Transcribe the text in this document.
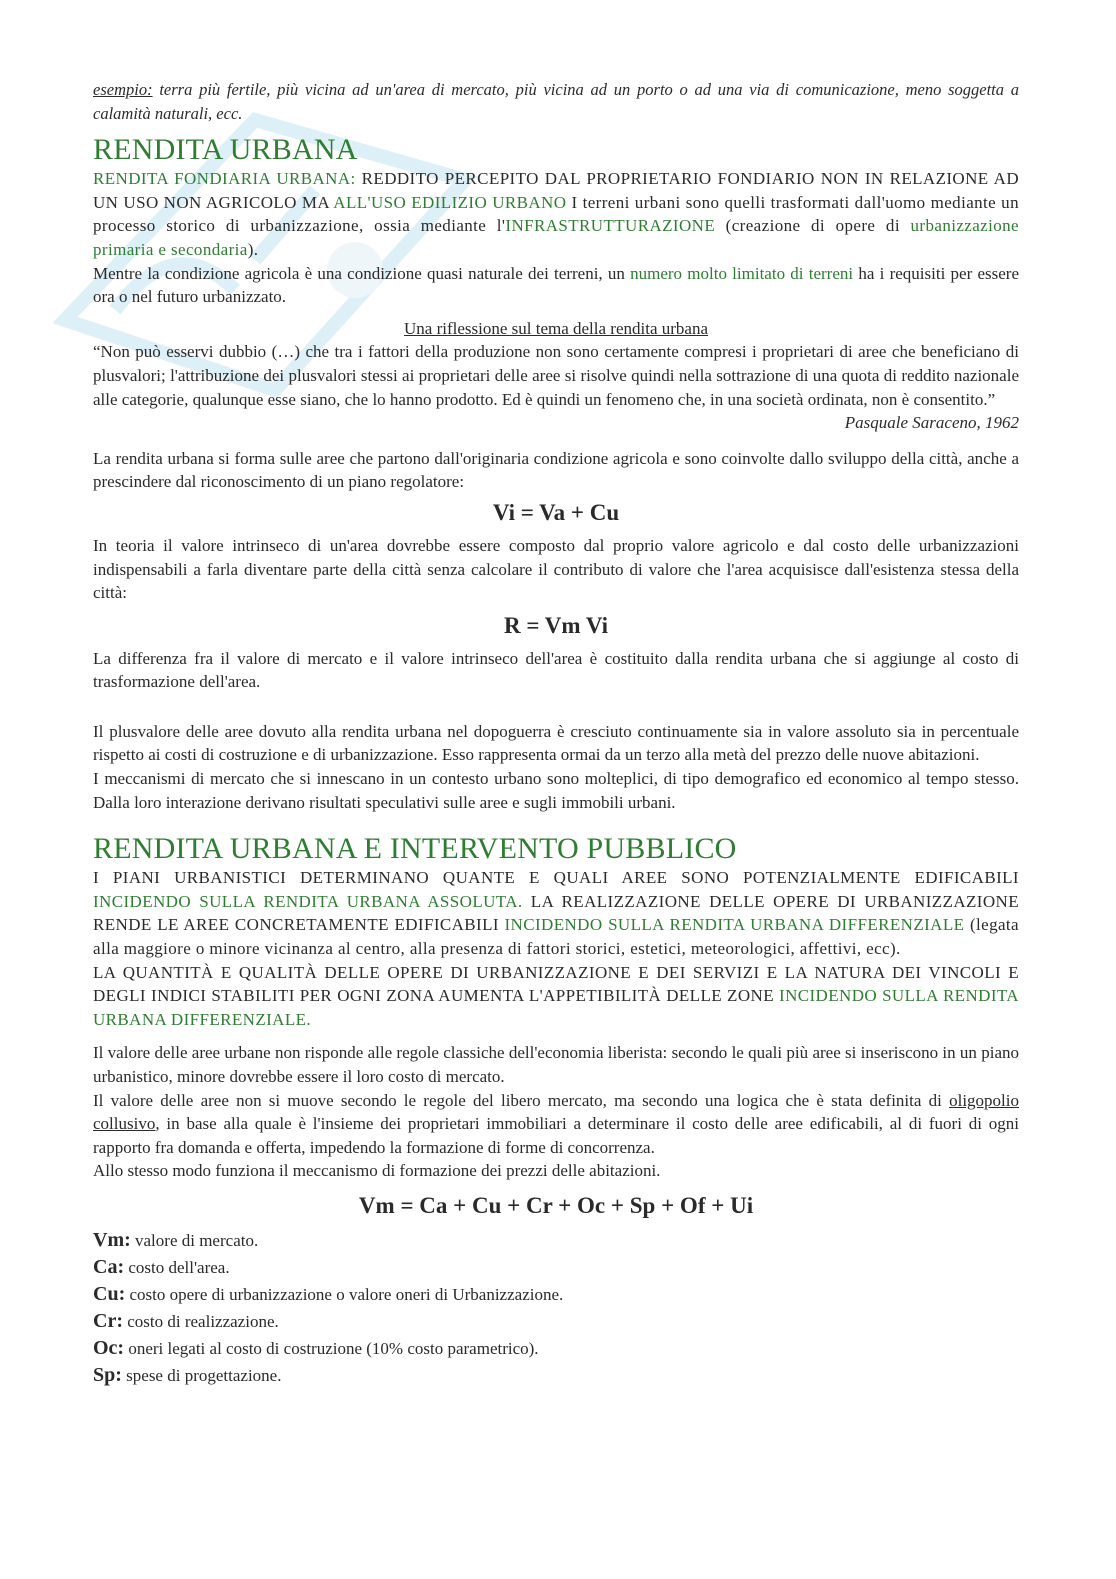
esempio: terra più fertile, più vicina ad un'area di mercato, più vicina ad un porto o ad una via di comunicazione, meno soggetta a calamità naturali, ecc.

RENDITA URBANA

RENDITA FONDIARIA URBANA: REDDITO PERCEPITO DAL PROPRIETARIO FONDIARIO NON IN RELAZIONE AD UN USO NON AGRICOLO MA ALL'USO EDILIZIO URBANO I terreni urbani sono quelli trasformati dall'uomo mediante un processo storico di urbanizzazione, ossia mediante l'INFRASTRUTTURAZIONE (creazione di opere di urbanizzazione primaria e secondaria).

Mentre la condizione agricola è una condizione quasi naturale dei terreni, un numero molto limitato di terreni ha i requisiti per essere ora o nel futuro urbanizzato.

Una riflessione sul tema della rendita urbana

“Non può esservi dubbio (…) che tra i fattori della produzione non sono certamente compresi i proprietari di aree che beneficiano di plusvalori; l'attribuzione dei plusvalori stessi ai proprietari delle aree si risolve quindi nella sottrazione di una quota di reddito nazionale alle categorie, qualunque esse siano, che lo hanno prodotto. Ed è quindi un fenomeno che, in una società ordinata, non è consentito.”

Pasquale Saraceno, 1962

La rendita urbana si forma sulle aree che partono dall'originaria condizione agricola e sono coinvolte dallo sviluppo della città, anche a prescindere dal riconoscimento di un piano regolatore:

Vi = Va + Cu

In teoria il valore intrinseco di un'area dovrebbe essere composto dal proprio valore agricolo e dal costo delle urbanizzazioni indispensabili a farla diventare parte della città senza calcolare il contributo di valore che l'area acquisisce dall'esistenza stessa della città:

R = Vm Vi

La differenza fra il valore di mercato e il valore intrinseco dell'area è costituito dalla rendita urbana che si aggiunge al costo di trasformazione dell'area.

Il plusvalore delle aree dovuto alla rendita urbana nel dopoguerra è cresciuto continuamente sia in valore assoluto sia in percentuale rispetto ai costi di costruzione e di urbanizzazione. Esso rappresenta ormai da un terzo alla metà del prezzo delle nuove abitazioni.

I meccanismi di mercato che si innescano in un contesto urbano sono molteplici, di tipo demografico ed economico al tempo stesso. Dalla loro interazione derivano risultati speculativi sulle aree e sugli immobili urbani.

RENDITA URBANA E INTERVENTO PUBBLICO

I PIANI URBANISTICI DETERMINANO QUANTE E QUALI AREE SONO POTENZIALMENTE EDIFICABILI INCIDENDO SULLA RENDITA URBANA ASSOLUTA. LA REALIZZAZIONE DELLE OPERE DI URBANIZZAZIONE RENDE LE AREE CONCRETAMENTE EDIFICABILI INCIDENDO SULLA RENDITA URBANA DIFFERENZIALE (legata alla maggiore o minore vicinanza al centro, alla presenza di fattori storici, estetici, meteorologici, affettivi, ecc).

LA QUANTITÀ E QUALITÀ DELLE OPERE DI URBANIZZAZIONE E DEI SERVIZI E LA NATURA DEI VINCOLI E DEGLI INDICI STABILITI PER OGNI ZONA AUMENTA L'APPETIBILITÀ DELLE ZONE INCIDENDO SULLA RENDITA URBANA DIFFERENZIALE.

Il valore delle aree urbane non risponde alle regole classiche dell'economia liberista: secondo le quali più aree si inseriscono in un piano urbanistico, minore dovrebbe essere il loro costo di mercato.

Il valore delle aree non si muove secondo le regole del libero mercato, ma secondo una logica che è stata definita di oligopolio collusivo, in base alla quale è l'insieme dei proprietari immobiliari a determinare il costo delle aree edificabili, al di fuori di ogni rapporto fra domanda e offerta, impedendo la formazione di forme di concorrenza.

Allo stesso modo funziona il meccanismo di formazione dei prezzi delle abitazioni.

Vm = Ca + Cu + Cr + Oc + Sp + Of + Ui

Vm: valore di mercato.

Ca: costo dell'area.

Cu: costo opere di urbanizzazione o valore oneri di Urbanizzazione.

Cr: costo di realizzazione.

Oc: oneri legati al costo di costruzione (10% costo parametrico).

Sp: spese di progettazione.
